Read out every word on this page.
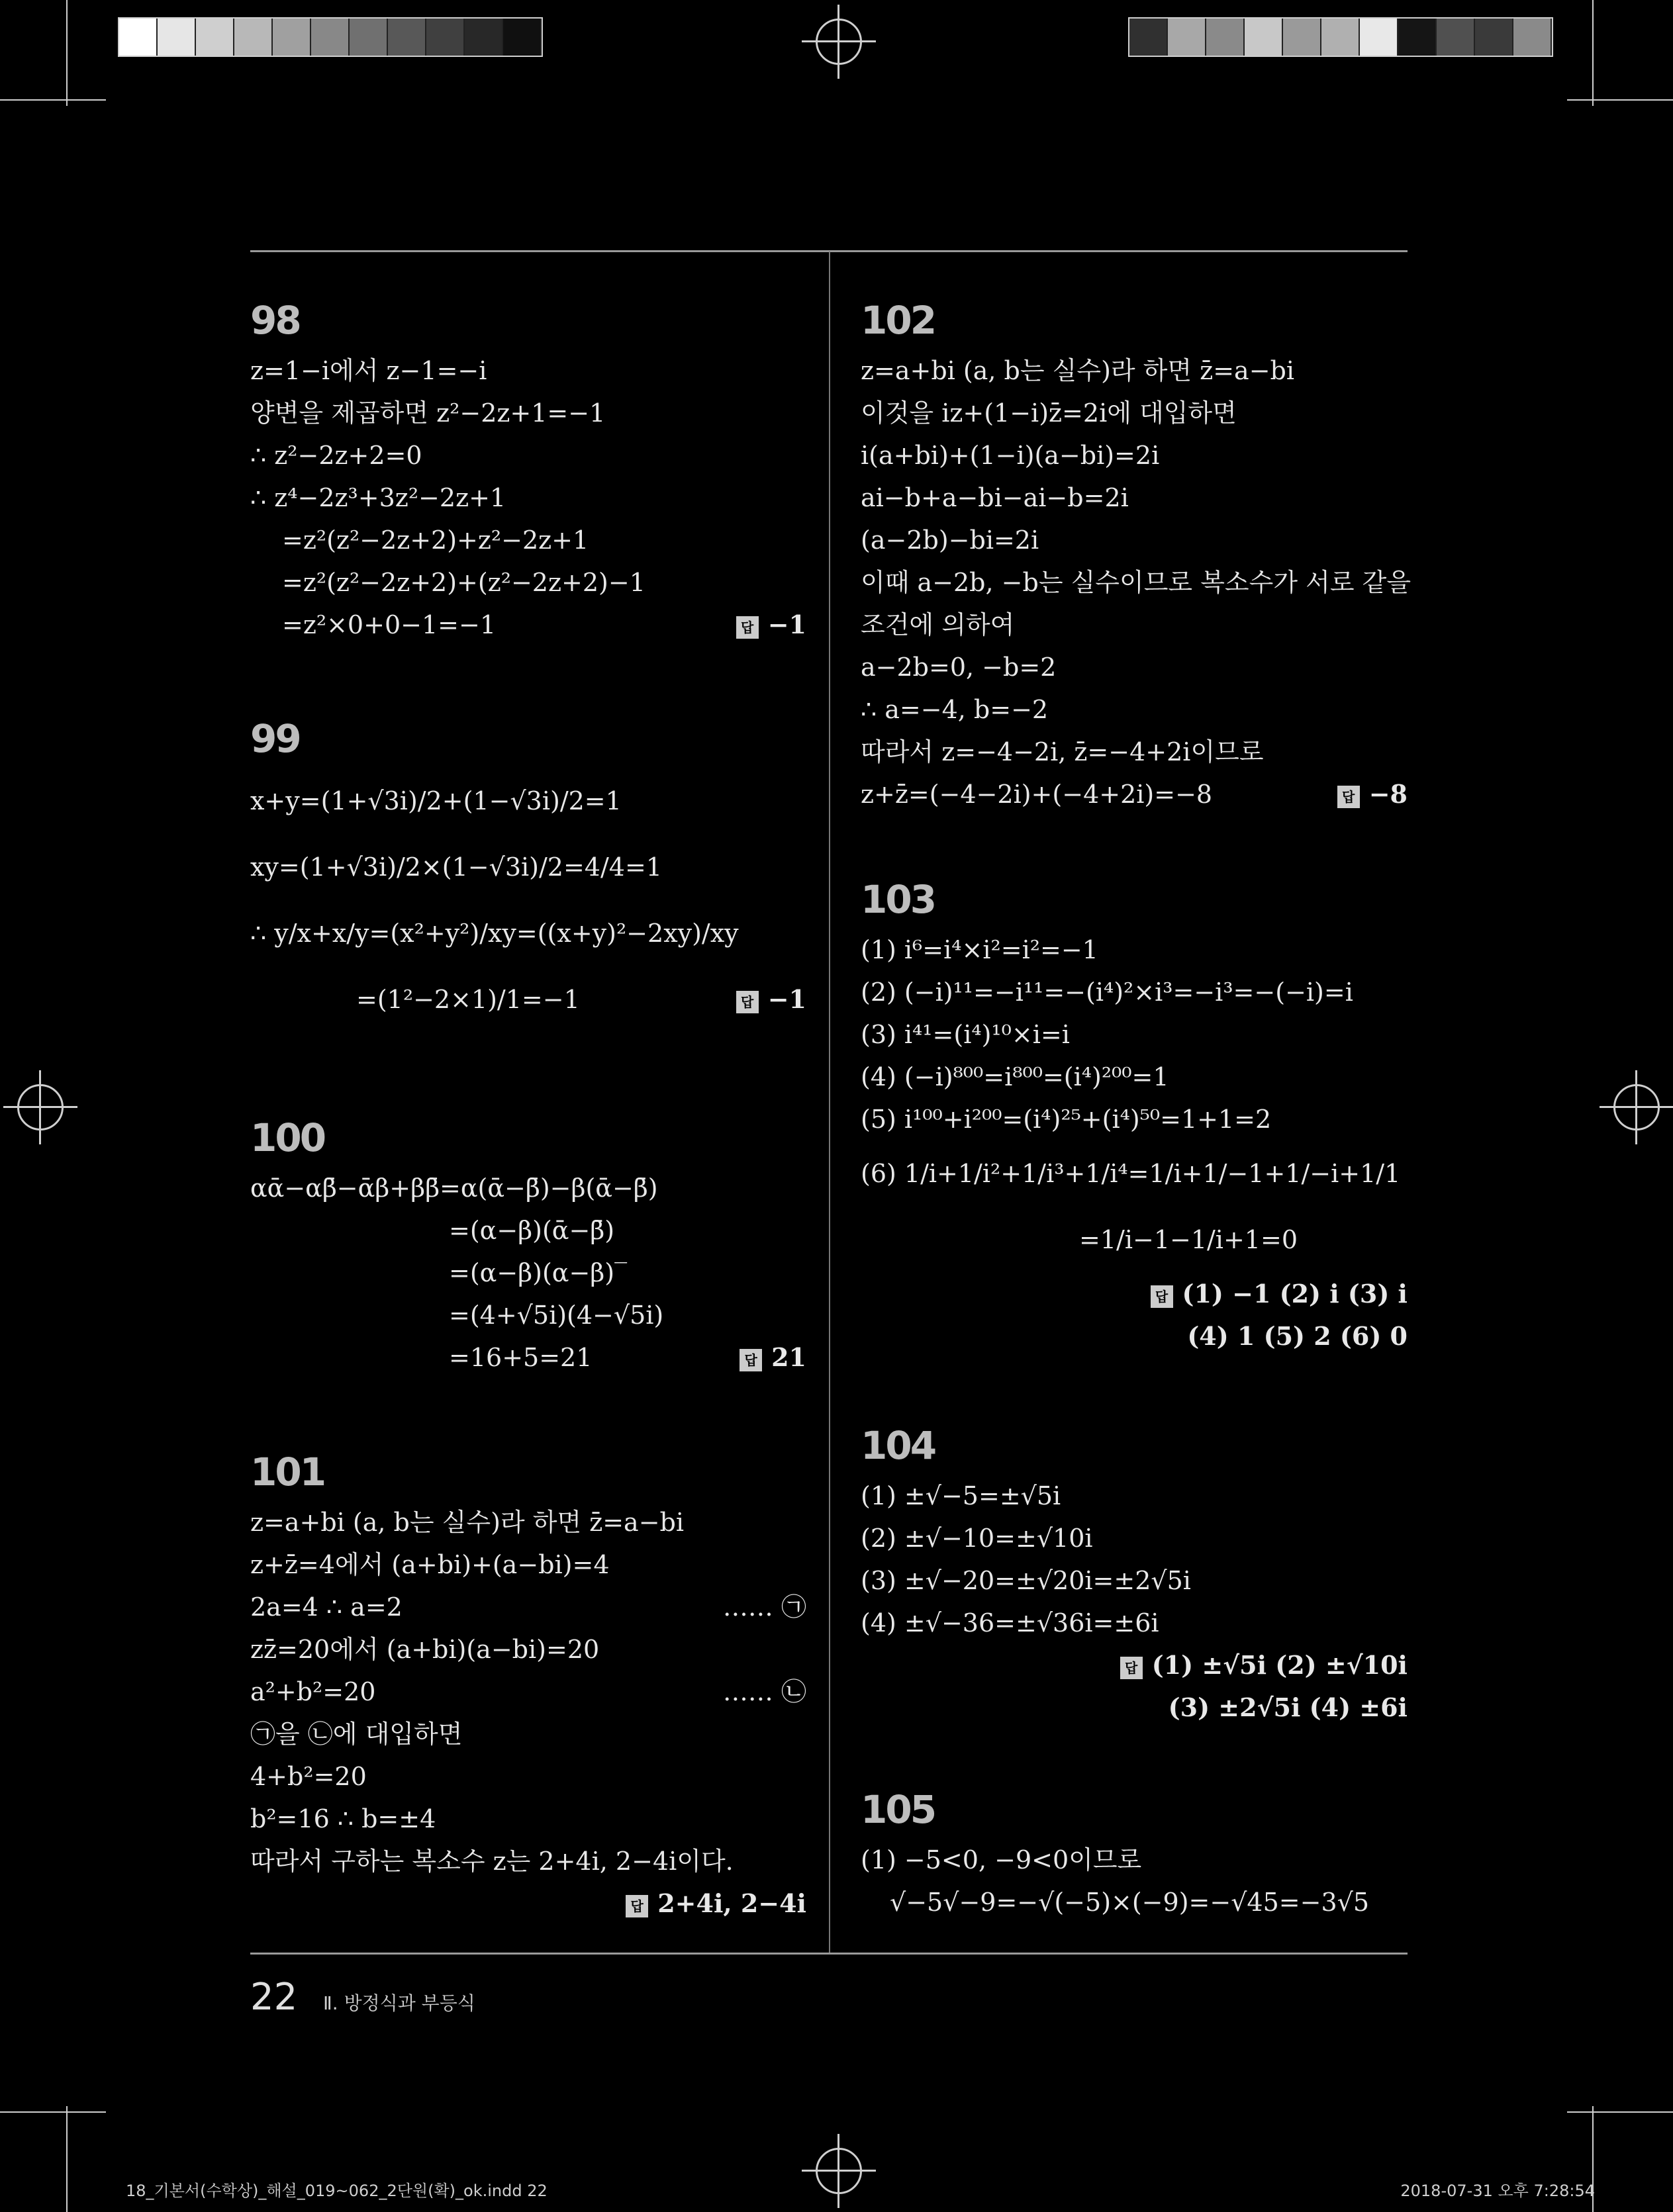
98
z=1−i에서 z−1=−i
양변을 제곱하면 z²−2z+1=−1
∴ z²−2z+2=0
∴ z⁴−2z³+3z²−2z+1
=z²(z²−2z+2)+z²−2z+1
=z²(z²−2z+2)+(z²−2z+2)−1
=z²×0+0−1=−1	답 −1
99
x+y=(1+√3i)/2+(1−√3i)/2=1
xy=(1+√3i)/2×(1−√3i)/2=4/4=1
∴ y/x+x/y=(x²+y²)/xy=((x+y)²−2xy)/xy
=(1²−2×1)/1=−1	답 −1
100
αᾱ−αβ̄−ᾱβ+ββ̄=α(ᾱ−β̄)−β(ᾱ−β̄)
=(α−β)(ᾱ−β̄)
=(α−β)(α−β)‾
=(4+√5i)(4−√5i)
=16+5=21	답 21
101
z=a+bi (a, b는 실수)라 하면 z̄=a−bi
z+z̄=4에서 (a+bi)+(a−bi)=4
2a=4 ∴ a=2	…… ㉠
zz̄=20에서 (a+bi)(a−bi)=20
a²+b²=20	…… ㉡
㉠을 ㉡에 대입하면
4+b²=20
b²=16 ∴ b=±4
따라서 구하는 복소수 z는 2+4i, 2−4i이다.
답 2+4i, 2−4i
102
z=a+bi (a, b는 실수)라 하면 z̄=a−bi
이것을 iz+(1−i)z̄=2i에 대입하면
i(a+bi)+(1−i)(a−bi)=2i
ai−b+a−bi−ai−b=2i
(a−2b)−bi=2i
이때 a−2b, −b는 실수이므로 복소수가 서로 같을
조건에 의하여
a−2b=0, −b=2
∴ a=−4, b=−2
따라서 z=−4−2i, z̄=−4+2i이므로
z+z̄=(−4−2i)+(−4+2i)=−8	답 −8
103
(1) i⁶=i⁴×i²=i²=−1
(2) (−i)¹¹=−i¹¹=−(i⁴)²×i³=−i³=−(−i)=i
(3) i⁴¹=(i⁴)¹⁰×i=i
(4) (−i)⁸⁰⁰=i⁸⁰⁰=(i⁴)²⁰⁰=1
(5) i¹⁰⁰+i²⁰⁰=(i⁴)²⁵+(i⁴)⁵⁰=1+1=2
(6) 1/i+1/i²+1/i³+1/i⁴=1/i+1/−1+1/−i+1/1
=1/i−1−1/i+1=0
답 (1) −1 (2) i (3) i
(4) 1 (5) 2 (6) 0
104
(1) ±√−5=±√5i
(2) ±√−10=±√10i
(3) ±√−20=±√20i=±2√5i
(4) ±√−36=±√36i=±6i
답 (1) ±√5i (2) ±√10i
(3) ±2√5i (4) ±6i
105
(1) −5<0, −9<0이므로
√−5√−9=−√(−5)×(−9)=−√45=−3√5
22 Ⅱ. 방정식과 부등식
18_기본서(수학상)_해설_019~062_2단원(확)_ok.indd 22	2018-07-31 오후 7:28:54
